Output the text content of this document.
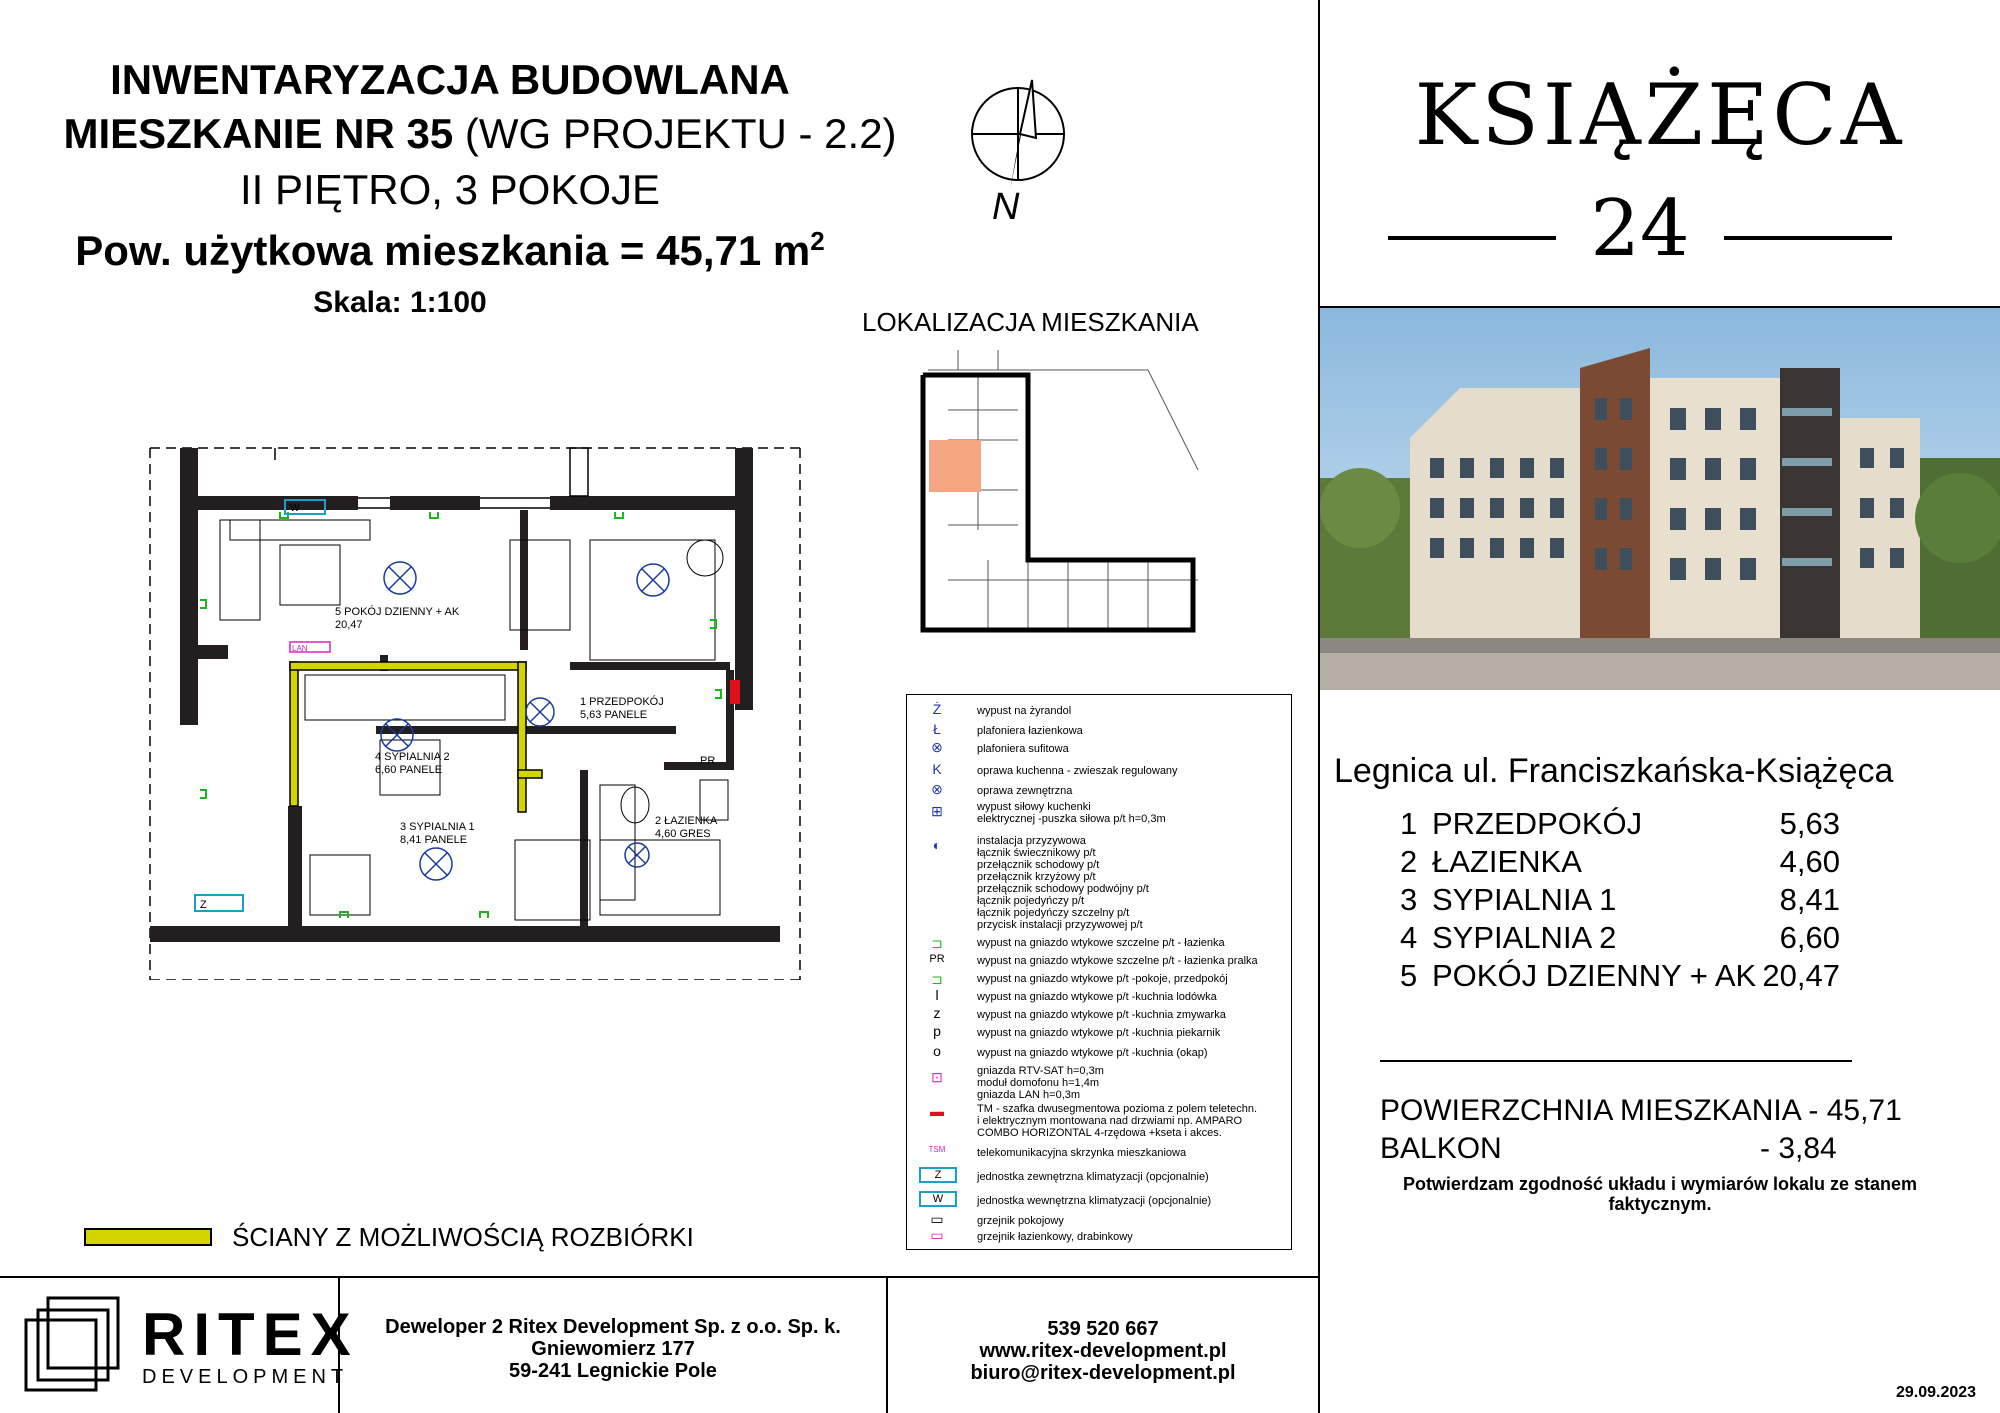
INWENTARYZACJA BUDOWLANA
MIESZKANIE NR 35 (WG PROJEKTU - 2.2)
II PIĘTRO, 3 POKOJE
Pow. użytkowa mieszkania = 45,71 $m^2$
Skala: 1:100
N
LOKALIZACJA MIESZKANIA
W
Z
LAN
PR
5 POKÓJ DZIENNY + AK
20,47
1 PRZEDPOKÓJ
5,63 PANELE
4 SYPIALNIA 2
6,60 PANELE
3 SYPIALNIA 1
8,41 PANELE
2 ŁAZIENKA
4,60 GRES
ŚCIANY Z MOŻLIWOŚCIĄ ROZBIÓRKI
Ż	wypust na żyrandol
Ł	plafoniera łazienkowa
⊗	plafoniera sufitowa
K	oprawa kuchenna - zwieszak regulowany
⊗	oprawa zewnętrzna
⊞	wypust siłowy kuchenki
elektrycznej -puszka siłowa p/t h=0,3m
◐	instalacja przyzywowa
łącznik świecznikowy p/t
przełącznik schodowy p/t
przełącznik krzyżowy p/t
przełącznik schodowy podwójny p/t
łącznik pojedyńczy p/t
łącznik pojedyńczy szczelny p/t
przycisk instalacji przyzywowej p/t
⊐	wypust na gniazdo wtykowe szczelne p/t - łazienka
PR	wypust na gniazdo wtykowe szczelne p/t - łazienka pralka
⊐	wypust na gniazdo wtykowe p/t -pokoje, przedpokój
l	wypust na gniazdo wtykowe p/t -kuchnia lodówka
z	wypust na gniazdo wtykowe p/t -kuchnia zmywarka
p	wypust na gniazdo wtykowe p/t -kuchnia piekarnik
o	wypust na gniazdo wtykowe p/t -kuchnia (okap)
⊡	gniazda RTV-SAT h=0,3m
moduł domofonu h=1,4m
gniazda LAN h=0,3m
▬	TM - szafka dwusegmentowa pozioma z polem teletechn.
i elektrycznym montowana nad drzwiami np. AMPARO
COMBO HORIZONTAL 4-rzędowa +kseta i akces.
TSM	telekomunikacyjna skrzynka mieszkaniowa
Z	jednostka zewnętrzna klimatyzacji (opcjonalnie)
W	jednostka wewnętrzna klimatyzacji (opcjonalnie)
▭	grzejnik pokojowy
▭	grzejnik łazienkowy, drabinkowy
KSIĄŻĘCA
24
Legnica ul. Franciszkańska-Książęca
1 PRZEDPOKÓJ	5,63
2 ŁAZIENKA	4,60
3 SYPIALNIA 1	8,41
4 SYPIALNIA 2	6,60
5 POKÓJ DZIENNY + AK 20,47
POWIERZCHNIA MIESZKANIA - 45,71
BALKON	- 3,84
Potwierdzam zgodność układu i wymiarów lokalu ze stanem faktycznym.
RITEX
DEVELOPMENT
Deweloper 2 Ritex Development Sp. z o.o. Sp. k.
Gniewomierz 177
59-241 Legnickie Pole
539 520 667
www.ritex-development.pl
biuro@ritex-development.pl
29.09.2023
